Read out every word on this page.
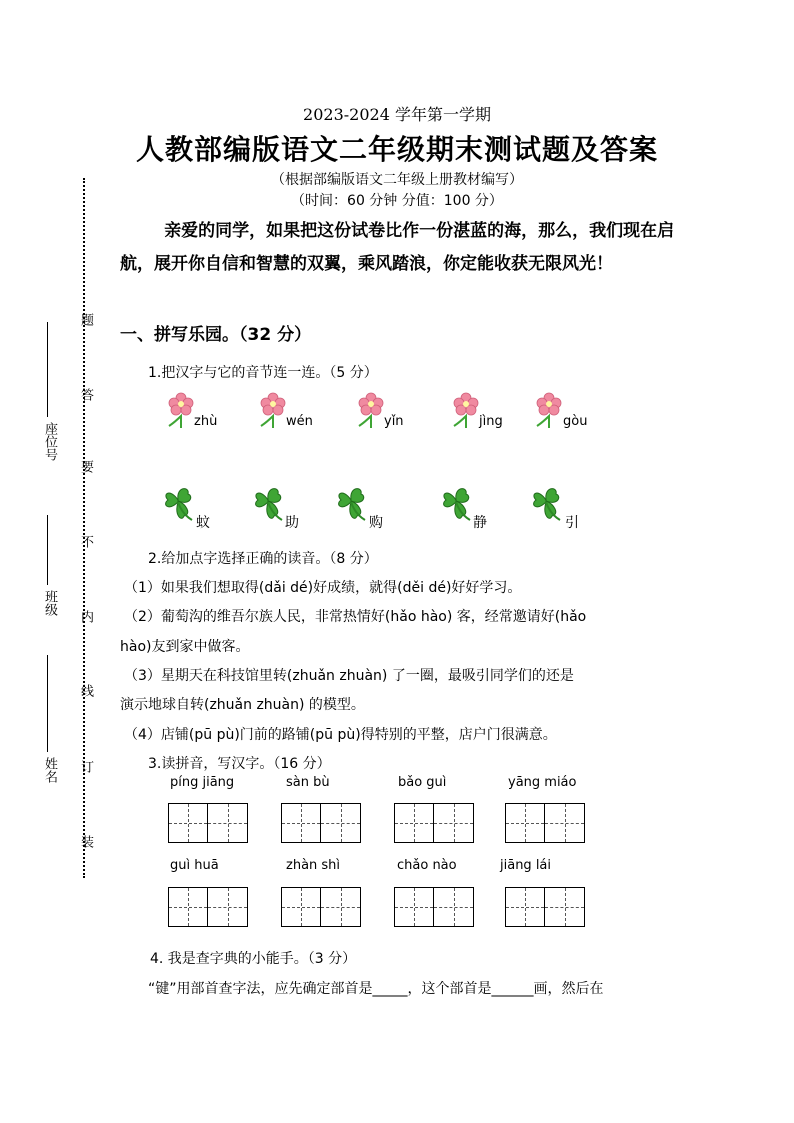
2023-2024 学年第一学期
人教部编版语文二年级期末测试题及答案
（根据部编版语文二年级上册教材编写）
（时间：60 分钟 分值：100 分）
亲爱的同学，如果把这份试卷比作一份湛蓝的海，那么，我们现在启航，展开你自信和智慧的双翼，乘风踏浪，你定能收获无限风光！
座位号
班级
姓名
题
答
要
不
内
线
订
装
一、拼写乐园。（32 分）
1.把汉字与它的音节连一连。（5 分）
zhù	wén	yǐn	jìng	gòu
蚊	助	购	静	引
2.给加点字选择正确的读音。（8 分）
（1）如果我们想取得(dǎi dé)好成绩，就得(děi dé)好好学习。
（2）葡萄沟的维吾尔族人民，非常热情好(hǎo hào) 客，经常邀请好(hǎo
hào)友到家中做客。
（3）星期天在科技馆里转(zhuǎn zhuàn) 了一圈，最吸引同学们的还是
演示地球自转(zhuǎn zhuàn) 的模型。
（4）店铺(pū pù)门前的路铺(pū pù)得特别的平整，店户门很满意。
3.读拼音，写汉字。（16 分）
píng jiāng	sàn bù	bǎo guì	yāng miáo
guì huā	zhàn shì	chǎo nào	jiāng lái
4. 我是查字典的小能手。（3 分）
“键”用部首查字法，应先确定部首是_____，这个部首是______画，然后在
